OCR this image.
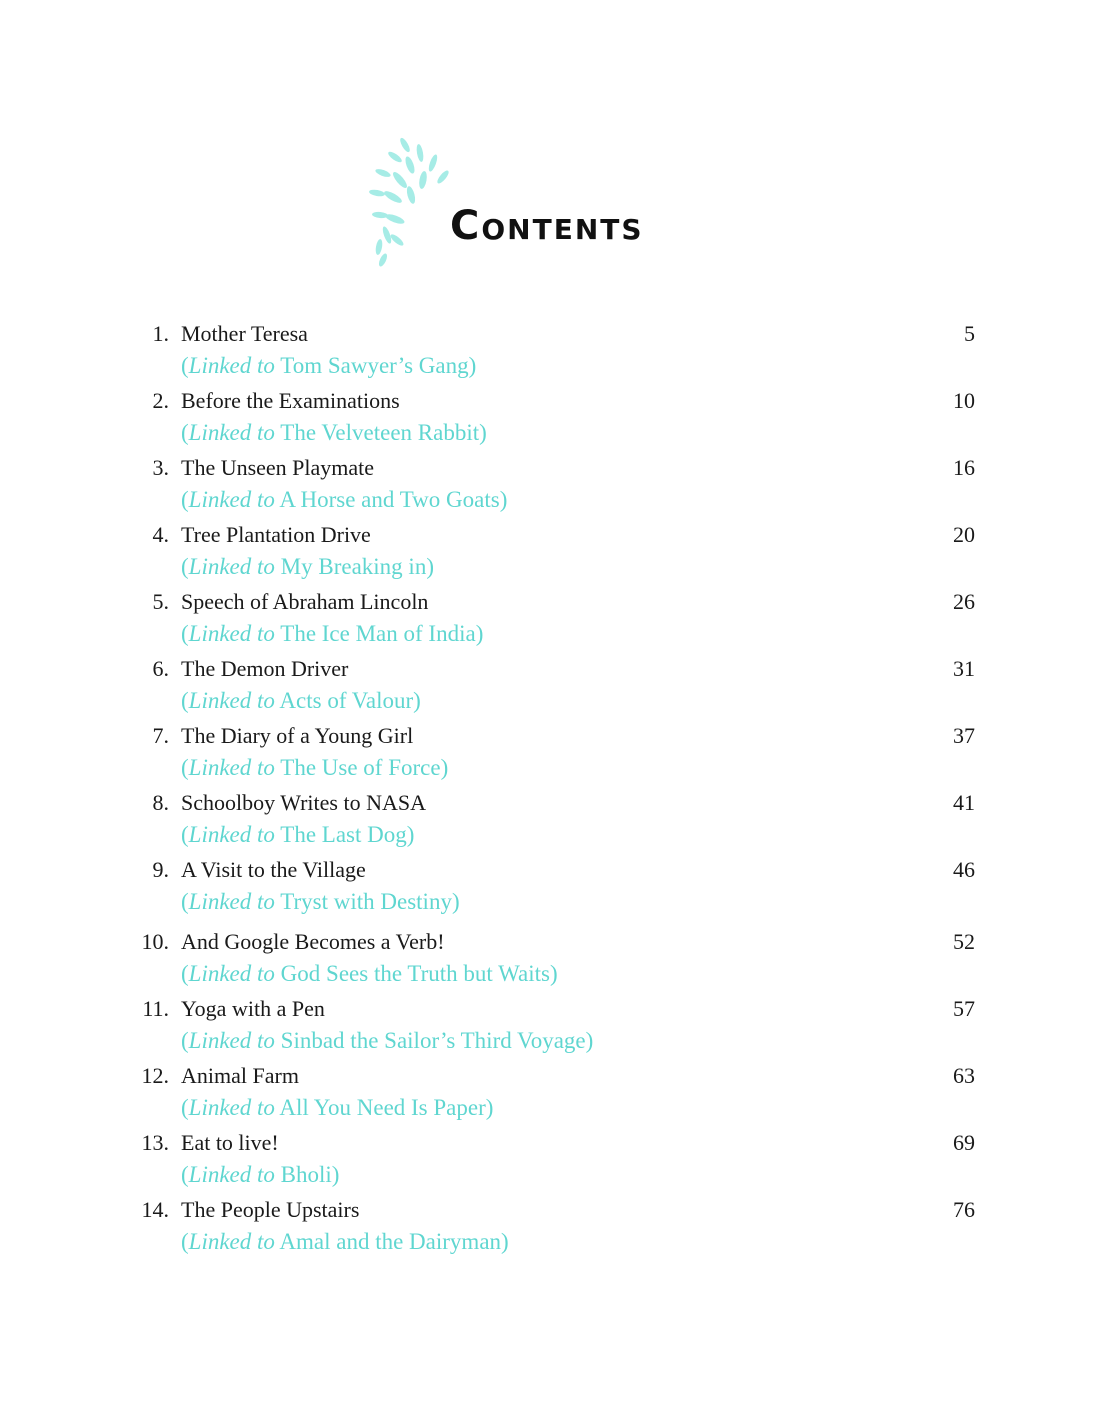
Contents
1. Mother Teresa	5
(Linked to Tom Sawyer’s Gang)
2. Before the Examinations	10
(Linked to The Velveteen Rabbit)
3. The Unseen Playmate	16
(Linked to A Horse and Two Goats)
4. Tree Plantation Drive	20
(Linked to My Breaking in)
5. Speech of Abraham Lincoln	26
(Linked to The Ice Man of India)
6. The Demon Driver	31
(Linked to Acts of Valour)
7. The Diary of a Young Girl	37
(Linked to The Use of Force)
8. Schoolboy Writes to NASA	41
(Linked to The Last Dog)
9. A Visit to the Village	46
(Linked to Tryst with Destiny)
10. And Google Becomes a Verb!	52
(Linked to God Sees the Truth but Waits)
11. Yoga with a Pen	57
(Linked to Sinbad the Sailor’s Third Voyage)
12. Animal Farm	63
(Linked to All You Need Is Paper)
13. Eat to live!	69
(Linked to Bholi)
14. The People Upstairs	76
(Linked to Amal and the Dairyman)
